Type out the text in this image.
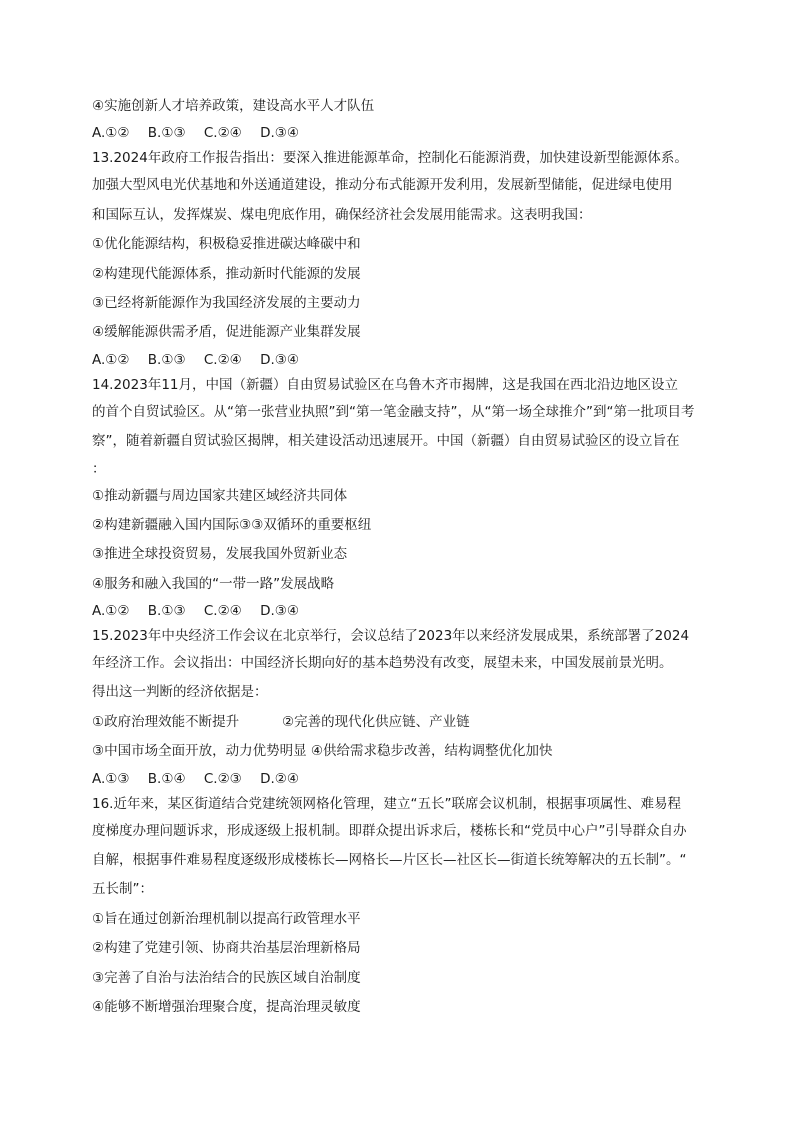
④实施创新人才培养政策，建设高水平人才队伍
A.①② B.①③ C.②④ D.③④
13.2024年政府工作报告指出：要深入推进能源革命，控制化石能源消费，加快建设新型能源体系。
加强大型风电光伏基地和外送通道建设，推动分布式能源开发利用，发展新型储能，促进绿电使用
和国际互认，发挥煤炭、煤电兜底作用，确保经济社会发展用能需求。这表明我国：
①优化能源结构，积极稳妥推进碳达峰碳中和
②构建现代能源体系，推动新时代能源的发展
③已经将新能源作为我国经济发展的主要动力
④缓解能源供需矛盾，促进能源产业集群发展
A.①② B.①③ C.②④ D.③④
14.2023年11月，中国（新疆）自由贸易试验区在乌鲁木齐市揭牌，这是我国在西北沿边地区设立
的首个自贸试验区。从“第一张营业执照”到“第一笔金融支持”，从“第一场全球推介”到“第一批项目考
察”，随着新疆自贸试验区揭牌，相关建设活动迅速展开。中国（新疆）自由贸易试验区的设立旨在
：
①推动新疆与周边国家共建区域经济共同体
②构建新疆融入国内国际③③双循环的重要枢纽
③推进全球投资贸易，发展我国外贸新业态
④服务和融入我国的“一带一路”发展战略
A.①② B.①③ C.②④ D.③④
15.2023年中央经济工作会议在北京举行，会议总结了2023年以来经济发展成果，系统部署了2024
年经济工作。会议指出：中国经济长期向好的基本趋势没有改变，展望未来，中国发展前景光明。
得出这一判断的经济依据是：
①政府治理效能不断提升	②完善的现代化供应链、产业链
③中国市场全面开放，动力优势明显 ④供给需求稳步改善，结构调整优化加快
A.①③ B.①④ C.②③ D.②④
16.近年来，某区街道结合党建统领网格化管理，建立“五长”联席会议机制，根据事项属性、难易程
度梯度办理问题诉求，形成逐级上报机制。即群众提出诉求后，楼栋长和“党员中心户”引导群众自办
自解，根据事件难易程度逐级形成楼栋长—网格长—片区长—社区长—街道长统筹解决的五长制”。“
五长制”：
①旨在通过创新治理机制以提高行政管理水平
②构建了党建引领、协商共治基层治理新格局
③完善了自治与法治结合的民族区域自治制度
④能够不断增强治理聚合度，提高治理灵敏度
